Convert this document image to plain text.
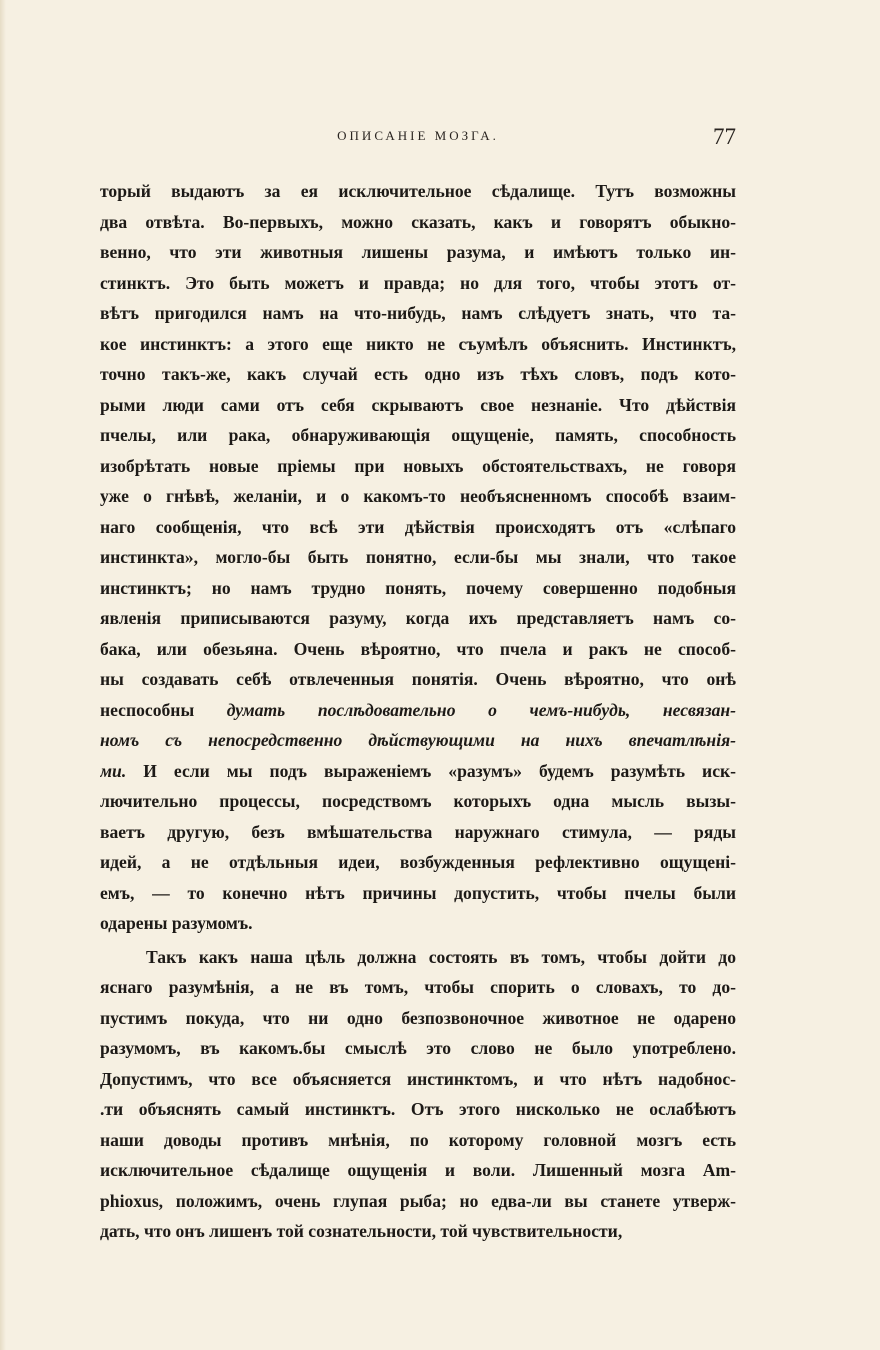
ОПИСАНІЕ МОЗГА.	77
торый выдаютъ за ея исключительное сѣдалище. Тутъ возможны
два отвѣта. Во-первыхъ, можно сказать, какъ и говорятъ обыкно-
венно, что эти животныя лишены разума, и имѣютъ только ин-
стинктъ. Это быть можетъ и правда; но для того, чтобы этотъ от-
вѣтъ пригодился намъ на что-нибудь, намъ слѣдуетъ знать, что та-
кое инстинктъ: а этого еще никто не съумѣлъ объяснить. Инстинктъ,
точно такъ-же, какъ случай есть одно изъ тѣхъ словъ, подъ кото-
рыми люди сами отъ себя скрываютъ свое незнаніе. Что дѣйствія
пчелы, или рака, обнаруживающія ощущеніе, память, способность
изобрѣтать новые пріемы при новыхъ обстоятельствахъ, не говоря
уже о гнѣвѣ, желаніи, и о какомъ-то необъясненномъ способѣ взаим-
наго сообщенія, что всѣ эти дѣйствія происходятъ отъ «слѣпаго
инстинкта», могло-бы быть понятно, если-бы мы знали, что такое
инстинктъ; но намъ трудно понять, почему совершенно подобныя
явленія приписываются разуму, когда ихъ представляетъ намъ со-
бака, или обезьяна. Очень вѣроятно, что пчела и ракъ не способ-
ны создавать себѣ отвлеченныя понятія. Очень вѣроятно, что онѣ
неспособны думать послѣдовательно о чемъ-нибудь, несвязан-
номъ съ непосредственно дѣйствующими на нихъ впечатлѣнія-
ми. И если мы подъ выраженіемъ «разумъ» будемъ разумѣть иск-
лючительно процессы, посредствомъ которыхъ одна мысль вызы-
ваетъ другую, безъ вмѣшательства наружнаго стимула, — ряды
идей, а не отдѣльныя идеи, возбужденныя рефлективно ощущені-
емъ, — то конечно нѣтъ причины допустить, чтобы пчелы были
одарены разумомъ.
Такъ какъ наша цѣль должна состоять въ томъ, чтобы дойти до
яснаго разумѣнія, а не въ томъ, чтобы спорить о словахъ, то до-
пустимъ покуда, что ни одно безпозвоночное животное не одарено
разумомъ, въ какомъ.бы смыслѣ это слово не было употреблено.
Допустимъ, что все объясняется инстинктомъ, и что нѣтъ надобнос-
.ти объяснять самый инстинктъ. Отъ этого нисколько не ослабѣютъ
наши доводы противъ мнѣнія, по которому головной мозгъ есть
исключительное сѣдалище ощущенія и воли. Лишенный мозга Am-
phioxus, положимъ, очень глупая рыба; но едва-ли вы станете утверж-
дать, что онъ лишенъ той сознательности, той чувствительности,
